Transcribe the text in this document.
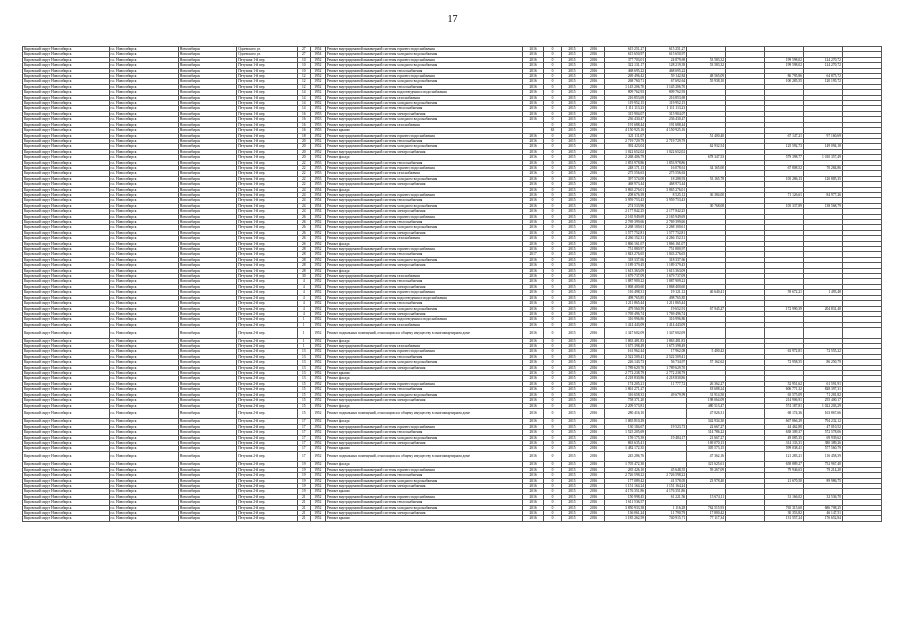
17
Кировский округ Новосибирск	г.о. Новосибирск	Новосибирск	Одоевского ул.	27	1954	Ремонт внутридомовой инженерной системы горячего водоснабжения	2016	0	2015	2016	615 251,27	615 251,27					
Кировский округ Новосибирск	г.о. Новосибирск	Новосибирск	Одоевского ул.	27	1954	Ремонт внутридомовой инженерной системы холодного водоснабжения	2016	0	2015	2016	615 650,97	615 650,97					
Кировский округ Новосибирск	г.о. Новосибирск	Новосибирск	Петухова 1-й пер.	10	1952	Ремонт внутридомовой инженерной системы горячего водоснабжения	2016	0	2015	2016	377 703,01	24 879,69	53 583,32		199 598,02	124 270,72	
Кировский округ Новосибирск	г.о. Новосибирск	Новосибирск	Петухова 1-й пер.	10	1952	Ремонт внутридомовой инженерной системы холодного водоснабжения	2016	0	2015	2016	322 131,17	128 219,39	53 583,32		199 598,02	124 270,72	
Кировский округ Новосибирск	г.о. Новосибирск	Новосибирск	Петухова 1-й пер.	10	1952	Ремонт внутридомовой инженерной системы теплоснабжения	2016	0	2015	2016	468 695,22	468 695,22					
Кировский округ Новосибирск	г.о. Новосибирск	Новосибирск	Петухова 1-й пер.	12	1952	Ремонт внутридомовой инженерной системы горячего водоснабжения	2016	0	2015	2016	269 496,42	59 142,84	48 565,09		86 795,86	64 875,72	
Кировский округ Новосибирск	г.о. Новосибирск	Новосибирск	Петухова 1-й пер.	12	1952	Ремонт внутридомовой инженерной системы холодного водоснабжения	2016	0	2015	2016	268 760,71	67 692,64	55 938,10		100 285,55	120 195,72	
Кировский округ Новосибирск	г.о. Новосибирск	Новосибирск	Петухова 1-й пер.	12	1952	Ремонт внутридомовой инженерной системы теплоснабжения	2016	0	2015	2016	1 145 206,70	1 145 206,70					
Кировский округ Новосибирск	г.о. Новосибирск	Новосибирск	Петухова 1-й пер.	14	1952	Ремонт внутридомовой инженерной системы водоотведения и водоснабжения	2016	0	2015	2016	809 762,93	809 762,93					
Кировский округ Новосибирск	г.о. Новосибирск	Новосибирск	Петухова 1-й пер.	14	1952	Ремонт внутридомовой инженерной системы газоснабжения	2016	0	2015	2016	216 853,69	216 853,69					
Кировский округ Новосибирск	г.о. Новосибирск	Новосибирск	Петухова 1-й пер.	14	1952	Ремонт внутридомовой инженерной системы холодного водоснабжения	2016	0	2015	2016	119 952,15	119 952,15					
Кировский округ Новосибирск	г.о. Новосибирск	Новосибирск	Петухова 1-й пер.	14	1952	Ремонт внутридомовой инженерной системы теплоснабжения	2016	0	2015	2016	1 111 113,23	1 111 113,23					
Кировский округ Новосибирск	г.о. Новосибирск	Новосибирск	Петухова 1-й пер.	16	1953	Ремонт внутридомовой инженерной системы электроснабжения	2016	0	2015	2016	315 904,07	315 904,07					
Кировский округ Новосибирск	г.о. Новосибирск	Новосибирск	Петухова 1-й пер.	16	1953	Ремонт внутридомовой инженерной системы холодного водоснабжения	2016	0	2015	2016	236 430,47	236 430,47					
Кировский округ Новосибирск	г.о. Новосибирск	Новосибирск	Петухова 1-й пер.	16	1953	Ремонт внутридомовой инженерной системы газоснабжения		0	2015	2016	191 688,44	191 688,44					
Кировский округ Новосибирск	г.о. Новосибирск	Новосибирск	Петухова 1-й пер.	16	1953	Ремонт крыши		63	2015	2016	4 150 925,16	4 150 925,16					
Кировский округ Новосибирск	г.о. Новосибирск	Новосибирск	Петухова 1-й пер.	18	1952	Ремонт внутридомовой инженерной системы горячего водоснабжения	2016	0	2015	2016	321 111,07		51 400,40		67 147,21	97 160,69	
Кировский округ Новосибирск	г.о. Новосибирск	Новосибирск	Петухова 1-й пер.	20	1952	Ремонт внутридомовой инженерной системы теплоснабжения	2016	0	2015	2016	2 719 729,79	2 719 729,79					
Кировский округ Новосибирск	г.о. Новосибирск	Новосибирск	Петухова 1-й пер.	20	1952	Ремонт внутридомовой инженерной системы холодного водоснабжения	2016	0	2015	2016	392 423,04		62 932,54		125 592,73	149 094,18	
Кировский округ Новосибирск	г.о. Новосибирск	Новосибирск	Петухова 1-й пер.	20	1952	Ремонт внутридомовой инженерной системы электроснабжения	2016	0	2015	2016	1 022 652,02	1 022 652,02					
Кировский округ Новосибирск	г.о. Новосибирск	Новосибирск	Петухова 1-й пер.	20	1952	Ремонт фасада	2016	0	2015	2016	2 268 406,79		678 347,53		579 398,77	1 010 357,49	
Кировский округ Новосибирск	г.о. Новосибирск	Новосибирск	Петухова 1-й пер.	22	1953	Ремонт внутридомовой инженерной системы теплоснабжения	2016	0	2015	2016	1 853 978,86	1 853 978,86					
Кировский округ Новосибирск	г.о. Новосибирск	Новосибирск	Петухова 1-й пер.	22	1953	Ремонт внутридомовой инженерной системы горячего водоснабжения	2016	0	2015	2016	248 171,13	16 078,61	34 165,00		67 808,52	70 284,86	
Кировский округ Новосибирск	г.о. Новосибирск	Новосибирск	Петухова 1-й пер.	22	1953	Ремонт внутридомовой инженерной системы газоснабжения	2016	0	2015	2016	275 556,63	275 556,63					
Кировский округ Новосибирск	г.о. Новосибирск	Новосибирск	Петухова 1-й пер.	22	1953	Ремонт внутридомовой инженерной системы холодного водоснабжения	2016	0	2015	2016	397 574,08	18 288,93	53 165,78		105 286,13	120 885,35	
Кировский округ Новосибирск	г.о. Новосибирск	Новосибирск	Петухова 1-й пер.	22	1953	Ремонт внутридомовой инженерной системы электроснабжения	2016	0	2015	2016	468 973,44	468 973,44					
Кировский округ Новосибирск	г.о. Новосибирск	Новосибирск	Петухова 1-й пер.	24	1954	Ремонт фасада	2016	0	2015	2016	3 865 276,01	3 865 276,01					
Кировский округ Новосибирск	г.о. Новосибирск	Новосибирск	Петухова 1-й пер.	24	1954	Ремонт внутридомовой инженерной системы горячего водоснабжения	2016	0	2015	2016	208 676,39	8 525,12	36 384,00		71 126,61	84 977,26	
Кировский округ Новосибирск	г.о. Новосибирск	Новосибирск	Петухова 1-й пер.	24	1954	Ремонт внутридомовой инженерной системы теплоснабжения	2016	0	2015	2016	3 959 753,43	3 959 753,43					
Кировский округ Новосибирск	г.о. Новосибирск	Новосибирск	Петухова 1-й пер.	24	1954	Ремонт внутридомовой инженерной системы холодного водоснабжения	2016	0	2015	2016	274 533,96		30 768,08		105 337,89	138 568,79	
Кировский округ Новосибирск	г.о. Новосибирск	Новосибирск	Петухова 1-й пер.	24	1954	Ремонт внутридомовой инженерной системы электроснабжения	2016	0	2015	2016	2 177 842,25	2 177 842,25					
Кировский округ Новосибирск	г.о. Новосибирск	Новосибирск	Петухова 1-й пер.	26	1952	Ремонт внутридомовой инженерной системы горячего водоснабжения	2016	0	2015	2016	2 165 949,69	2 165 949,69					
Кировский округ Новосибирск	г.о. Новосибирск	Новосибирск	Петухова 1-й пер.	26	1952	Ремонт внутридомовой инженерной системы теплоснабжения	2016	0	2015	2016	2 769 399,66	2 769 399,66					
Кировский округ Новосибирск	г.о. Новосибирск	Новосибирск	Петухова 1-й пер.	26	1952	Ремонт внутридомовой инженерной системы холодного водоснабжения	2016	0	2015	2016	2 268 100,61	2 268 100,61					
Кировский округ Новосибирск	г.о. Новосибирск	Новосибирск	Петухова 1-й пер.	26	1952	Ремонт внутридомовой инженерной системы электроснабжения	2016	0	2015	2016	1 577 752,81	1 577 752,81					
Кировский округ Новосибирск	г.о. Новосибирск	Новосибирск	Петухова 1-й пер.	26	1952	Ремонт внутридомовой инженерной системы газоснабжения	2016	0	2015	2016	4 266 152,31	4 266 152,31					
Кировский округ Новосибирск	г.о. Новосибирск	Новосибирск	Петухова 1-й пер.	26	1952	Ремонт фасада	2016	0	2015	2016	1 866 161,07	1 866 161,07					
Кировский округ Новосибирск	г.о. Новосибирск	Новосибирск	Петухова 1-й пер.	28	1952	Ремонт внутридомовой инженерной системы горячего водоснабжения	2016	0	2015	2016	751 880,97	751 880,97					
Кировский округ Новосибирск	г.о. Новосибирск	Новосибирск	Петухова 1-й пер.	28	1952	Ремонт внутридомовой инженерной системы теплоснабжения	2017	0	2015	2016	1 843 276,65	1 843 276,65					
Кировский округ Новосибирск	г.о. Новосибирск	Новосибирск	Петухова 1-й пер.	28	1952	Ремонт внутридомовой инженерной системы холодного водоснабжения	2016	0	2015	2016	318 337,66	318 337,66					
Кировский округ Новосибирск	г.о. Новосибирск	Новосибирск	Петухова 1-й пер.	28	1952	Ремонт внутридомовой инженерной системы электроснабжения	2016	0	2015	2016	1 189 379,45	1 189 379,45					
Кировский округ Новосибирск	г.о. Новосибирск	Новосибирск	Петухова 1-й пер.	28	1952	Ремонт фасада	2016	0	2015	2016	1 613 363,09	1 613 363,09					
Кировский округ Новосибирск	г.о. Новосибирск	Новосибирск	Петухова 1-й пер.	30	1952	Ремонт внутридомовой инженерной системы газоснабжения	2016	0	2015	2016	1 679 737,09	1 679 737,09					
Кировский округ Новосибирск	г.о. Новосибирск	Новосибирск	Петухова 2-й пер.	4	1952	Ремонт внутридомовой инженерной системы теплоснабжения	2016	0	2015	2016	1 887 909,22	1 887 909,22					
Кировский округ Новосибирск	г.о. Новосибирск	Новосибирск	Петухова 2-й пер.	4	1952	Ремонт внутридомовой инженерной системы электроснабжения	2016	0	2015	2016	1 868 400,60	1 868 400,60					
Кировский округ Новосибирск	г.о. Новосибирск	Новосибирск	Петухова 2-й пер.	4	1952	Ремонт внутридомовой инженерной системы горячего водоснабжения	2016	0	2015	2016	116 498,31	19 121,12	46 640,41		59 672,21	1 493,48	
Кировский округ Новосибирск	г.о. Новосибирск	Новосибирск	Петухова 2-й пер.	4	1952	Ремонт внутридомовой инженерной системы водоотведения и водоснабжения	2016	0	2015	2016	498 765,85	498 765,85					
Кировский округ Новосибирск	г.о. Новосибирск	Новосибирск	Петухова 2-й пер.	4	1952	Ремонт внутридомовой инженерной системы теплоснабжения	2016	0	2015	2016	1 211 865,44	1 211 865,44					
Кировский округ Новосибирск	г.о. Новосибирск	Новосибирск	Петухова 2-й пер.	4	1952	Ремонт внутридомовой инженерной системы холодного водоснабжения	2016	0	2015	2016	479 560,59	19 652,91	67 945,27		172 990,39	204 831,40	
Кировский округ Новосибирск	г.о. Новосибирск	Новосибирск	Петухова 2-й пер.	4	1952	Ремонт внутридомовой инженерной системы электроснабжения	2016	0	2015	2016	1 769 496,74	1 769 496,74					
Кировский округ Новосибирск	г.о. Новосибирск	Новосибирск	Петухова 2-й пер.	1	1952	Ремонт внутридомовой инженерной системы водоотведения и водоснабжения	2016	0	2015	2016	316 996,86	316 996,86					
Кировский округ Новосибирск	г.о. Новосибирск	Новосибирск	Петухова 2-й пер.	1	1952	Ремонт внутридомовой инженерной системы газоснабжения	2016	0	2015	2016	1 414 443,09	1 414 443,09					
Кировский округ Новосибирск	г.о. Новосибирск	Новосибирск	Петухова 2-й пер.	1	1952	Ремонт подвальных помещений, относящихся к общему имуществу в многоквартирном доме	2016	0	2015	2016	1 347 602,09	1 347 602,09					
Кировский округ Новосибирск	г.о. Новосибирск	Новосибирск	Петухова 2-й пер.	1	1952	Ремонт фасада	2016	0	2015	2016	1 863 481,83	1 863 481,83					
Кировский округ Новосибирск	г.о. Новосибирск	Новосибирск	Петухова 2-й пер.	1	1952	Ремонт внутридомовой инженерной системы газоснабжения	2016	0	2015	2016	1 675 398,49	1 675 398,49					
Кировский округ Новосибирск	г.о. Новосибирск	Новосибирск	Петухова 2-й пер.	13	1952	Ремонт внутридомовой инженерной системы горячего водоснабжения	2016	0	2015	2016	161 962,44	17 962,08	5 400,42		63 972,81	72 555,22	
Кировский округ Новосибирск	г.о. Новосибирск	Новосибирск	Петухова 2-й пер.	13	1952	Ремонт внутридомовой инженерной системы теплоснабжения	2016	0	2015	2016	2 522 509,41	2 522 509,41					
Кировский округ Новосибирск	г.о. Новосибирск	Новосибирск	Петухова 2-й пер.	13	1952	Ремонт внутридомовой инженерной системы холодного водоснабжения	2016	0	2015	2016	226 143,73	56 734,97	57 162,62		72 958,55	86 250,79	
Кировский округ Новосибирск	г.о. Новосибирск	Новосибирск	Петухова 2-й пер.	13	1952	Ремонт внутридомовой инженерной системы электроснабжения	2016	0	2015	2016	1 789 629,70	1 789 629,70					
Кировский округ Новосибирск	г.о. Новосибирск	Новосибирск	Петухова 2-й пер.	13	1952	Ремонт крыши	2016	0	2015	2016	2 772 238,79	2 772 238,79					
Кировский округ Новосибирск	г.о. Новосибирск	Новосибирск	Петухова 2-й пер.	13	1952	Ремонт фасада	2016	0	2015	2016	4 218 830,86	4 218 830,86					
Кировский округ Новосибирск	г.о. Новосибирск	Новосибирск	Петухова 2-й пер.	15	1952	Ремонт внутридомовой инженерной системы горячего водоснабжения	2016	0	2015	2016	174 205,21	11 777,72	26 362,27		52 951,62	61 591,91	
Кировский округ Новосибирск	г.о. Новосибирск	Новосибирск	Петухова 2-й пер.	15	1952	Ремонт внутридомовой инженерной системы теплоснабжения	2016	0	2015	2016	1 861 271,27		18 688,24		606 771,32	828 397,31	
Кировский округ Новосибирск	г.о. Новосибирск	Новосибирск	Петухова 2-й пер.	15	1952	Ремонт внутридомовой инженерной системы холодного водоснабжения	2016	0	2015	2016	316 658,33	49 679,99	31 914,50		65 575,09	71 281,82	
Кировский округ Новосибирск	г.о. Новосибирск	Новосибирск	Петухова 2-й пер.	15	1952	Ремонт внутридомовой инженерной системы электроснабжения	2016	0	2015	2016	758 371,20		198 064,09		214 906,91	255 400,17	
Кировский округ Новосибирск	г.о. Новосибирск	Новосибирск	Петухова 2-й пер.	15	1952	Ремонт фасада	2016	0	2015	2016	2 209 573,81		480 513,47		574 187,81	1 022 203,29	
Кировский округ Новосибирск	г.о. Новосибирск	Новосибирск	Петухова 2-й пер.	15	1952	Ремонт подвальных помещений, относящихся к общему имуществу в многоквартирном доме	2016	0	2015	2016	280 416,10		47 826,31		68 174,36	163 867,66	
Кировский округ Новосибирск	г.о. Новосибирск	Новосибирск	Петухова 2-й пер.	17	1952	Ремонт фасада	2016	0	2015	2016	1 865 810,29		342 934,30		667 866,29	794 232,12	
Кировский округ Новосибирск	г.о. Новосибирск	Новосибирск	Петухова 2-й пер.	17	1952	Ремонт внутридомовой инженерной системы горячего водоснабжения	2016	0	2015	2016	130 184,67	19 523,73	22 667,27		44 462,88	47 010,52	
Кировский округ Новосибирск	г.о. Новосибирск	Новосибирск	Петухова 2-й пер.	17	1952	Ремонт внутридомовой инженерной системы теплоснабжения	2016	0	2015	2016	1 525 205,69		314 786,22		638 309,37	572 578,06	
Кировский округ Новосибирск	г.о. Новосибирск	Новосибирск	Петухова 2-й пер.	17	1952	Ремонт внутридомовой инженерной системы холодного водоснабжения	2016	0	2015	2016	159 175,39	19 484,17	21 667,27		49 085,35	69 939,62	
Кировский округ Новосибирск	г.о. Новосибирск	Новосибирск	Петухова 2-й пер.	17	1952	Ремонт внутридомовой инженерной системы электроснабжения	2016	0	2015	2016	863 635,41		169 070,13		314 133,31	380 389,26	
Кировский округ Новосибирск	г.о. Новосибирск	Новосибирск	Петухова 2-й пер.	17	1952	Ремонт крыши	2016	0	2015	2016	1 482 172,35		305 573,15		599 038,41	577 560,79	
Кировский округ Новосибирск	г.о. Новосибирск	Новосибирск	Петухова 2-й пер.	17	1952	Ремонт подвальных помещений, относящихся к общему имуществу в многоквартирном доме	2016	0	2015	2016	245 286,76		47 362,16		121 283,21	116 458,39	
Кировский округ Новосибирск	г.о. Новосибирск	Новосибирск	Петухова 2-й пер.	19	1952	Ремонт фасада	2016	0	2015	2016	1 705 472,30		321 625,61		658 889,27	752 967,40	
Кировский округ Новосибирск	г.о. Новосибирск	Новосибирск	Петухова 2-й пер.	19	1952	Ремонт внутридомовой инженерной системы горячего водоснабжения	2016	0	2015	2016	265 426,10	45 648,55	59 267,09		79 946,63	79 214,20	
Кировский округ Новосибирск	г.о. Новосибирск	Новосибирск	Петухова 2-й пер.	19	1952	Ремонт внутридомовой инженерной системы теплоснабжения	2016	0	2015	2016	2 726 598,22	2 726 598,22					
Кировский округ Новосибирск	г.о. Новосибирск	Новосибирск	Петухова 2-й пер.	19	1952	Ремонт внутридомовой инженерной системы холодного водоснабжения	2016	0	2015	2016	177 089,42	41 578,05	23 978,40		21 670,50	89 986,75	
Кировский округ Новосибирск	г.о. Новосибирск	Новосибирск	Петухова 2-й пер.	19	1952	Ремонт внутридомовой инженерной системы электроснабжения	2016	0	2015	2016	1 151 164,24	1 151 164,24					
Кировский округ Новосибирск	г.о. Новосибирск	Новосибирск	Петухова 2-й пер.	19	1952	Ремонт крыши	2016	0	2015	2016	4 176 351,86	4 176 351,86					
Кировский округ Новосибирск	г.о. Новосибирск	Новосибирск	Петухова 2-й пер.	21	1952	Ремонт внутридомовой инженерной системы горячего водоснабжения	2016	0	2015	2016	150 998,45	61 221,56	15 674,11		31 166,02	32 536,70	
Кировский округ Новосибирск	г.о. Новосибирск	Новосибирск	Петухова 2-й пер.	21	1952	Ремонт внутридомовой инженерной системы теплоснабжения	2016	0	2015	2016	1 611 536,57						
Кировский округ Новосибирск	г.о. Новосибирск	Новосибирск	Петухова 2-й пер.	21	1952	Ремонт внутридомовой инженерной системы холодного водоснабжения	2016	0	2015	2016	3 850 933,38	1 116,28	762 515,93		765 315,60	686 708,25	
Кировский округ Новосибирск	г.о. Новосибирск	Новосибирск	Петухова 2-й пер.	21	1952	Ремонт внутридомовой инженерной системы электроснабжения	2016	0	2015	2016	136 061,24	11 790,79	17 800,42		30 353,82	46 147,51	
Кировский округ Новосибирск	г.о. Новосибирск	Новосибирск	Петухова 2-й пер.	21	1952	Ремонт крыши	2016	0	2015	2016	1 185 262,59	740 915,71	77 117,34		131 557,24	176 652,84	
